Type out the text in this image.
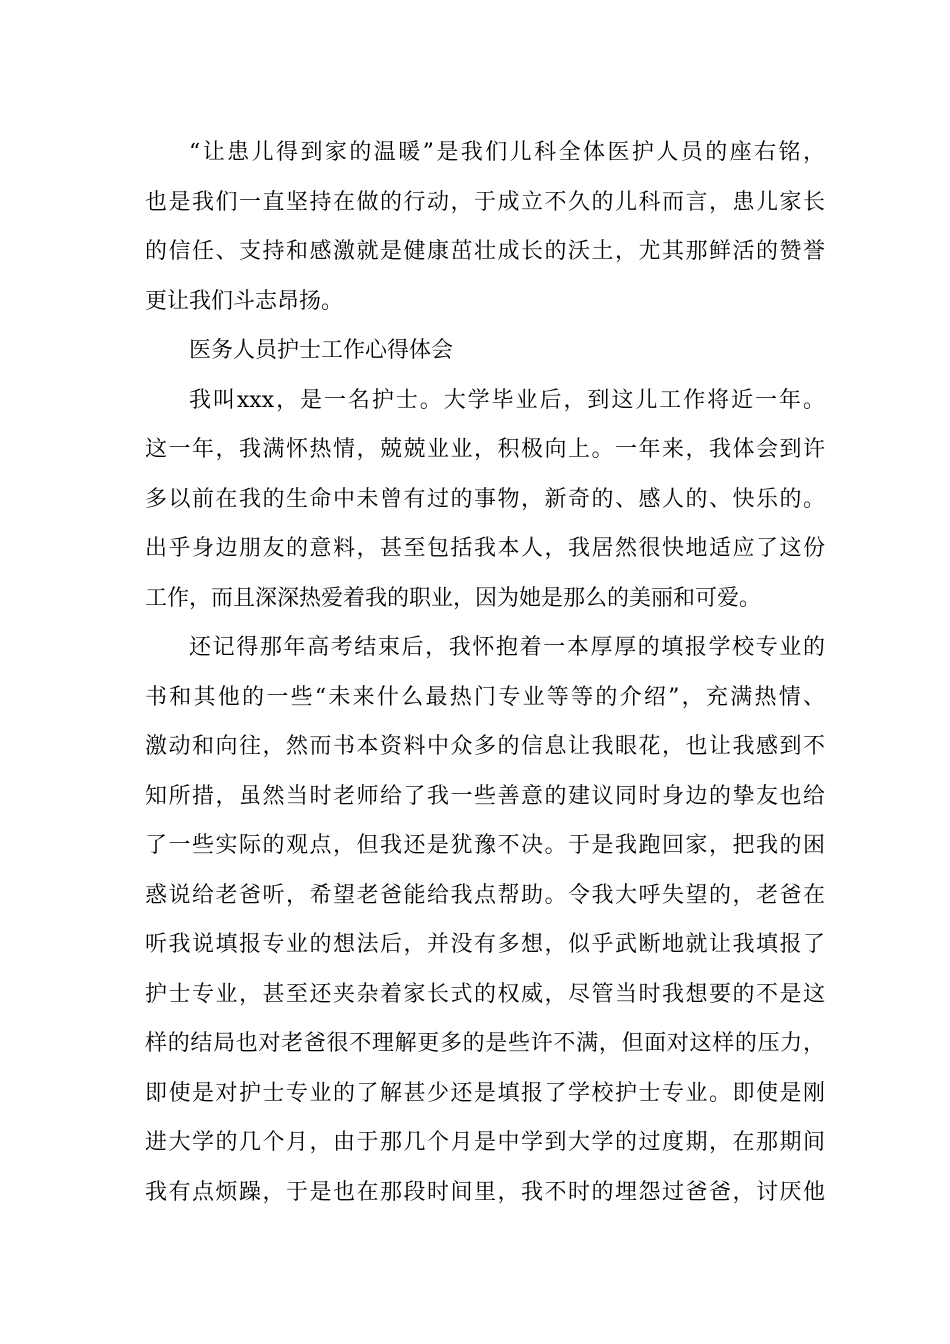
“让患儿得到家的温暖”是我们儿科全体医护人员的座右铭，
也是我们一直坚持在做的行动，于成立不久的儿科而言，患儿家长
的信任、支持和感激就是健康茁壮成长的沃土，尤其那鲜活的赞誉
更让我们斗志昂扬。
医务人员护士工作心得体会
我叫xxx，是一名护士。大学毕业后，到这儿工作将近一年。
这一年，我满怀热情，兢兢业业，积极向上。一年来，我体会到许
多以前在我的生命中未曾有过的事物，新奇的、感人的、快乐的。
出乎身边朋友的意料，甚至包括我本人，我居然很快地适应了这份
工作，而且深深热爱着我的职业，因为她是那么的美丽和可爱。
还记得那年高考结束后，我怀抱着一本厚厚的填报学校专业的
书和其他的一些“未来什么最热门专业等等的介绍”，充满热情、
激动和向往，然而书本资料中众多的信息让我眼花，也让我感到不
知所措，虽然当时老师给了我一些善意的建议同时身边的挚友也给
了一些实际的观点，但我还是犹豫不决。于是我跑回家，把我的困
惑说给老爸听，希望老爸能给我点帮助。令我大呼失望的，老爸在
听我说填报专业的想法后，并没有多想，似乎武断地就让我填报了
护士专业，甚至还夹杂着家长式的权威，尽管当时我想要的不是这
样的结局也对老爸很不理解更多的是些许不满，但面对这样的压力，
即使是对护士专业的了解甚少还是填报了学校护士专业。即使是刚
进大学的几个月，由于那几个月是中学到大学的过度期，在那期间
我有点烦躁，于是也在那段时间里，我不时的埋怨过爸爸，讨厌他
